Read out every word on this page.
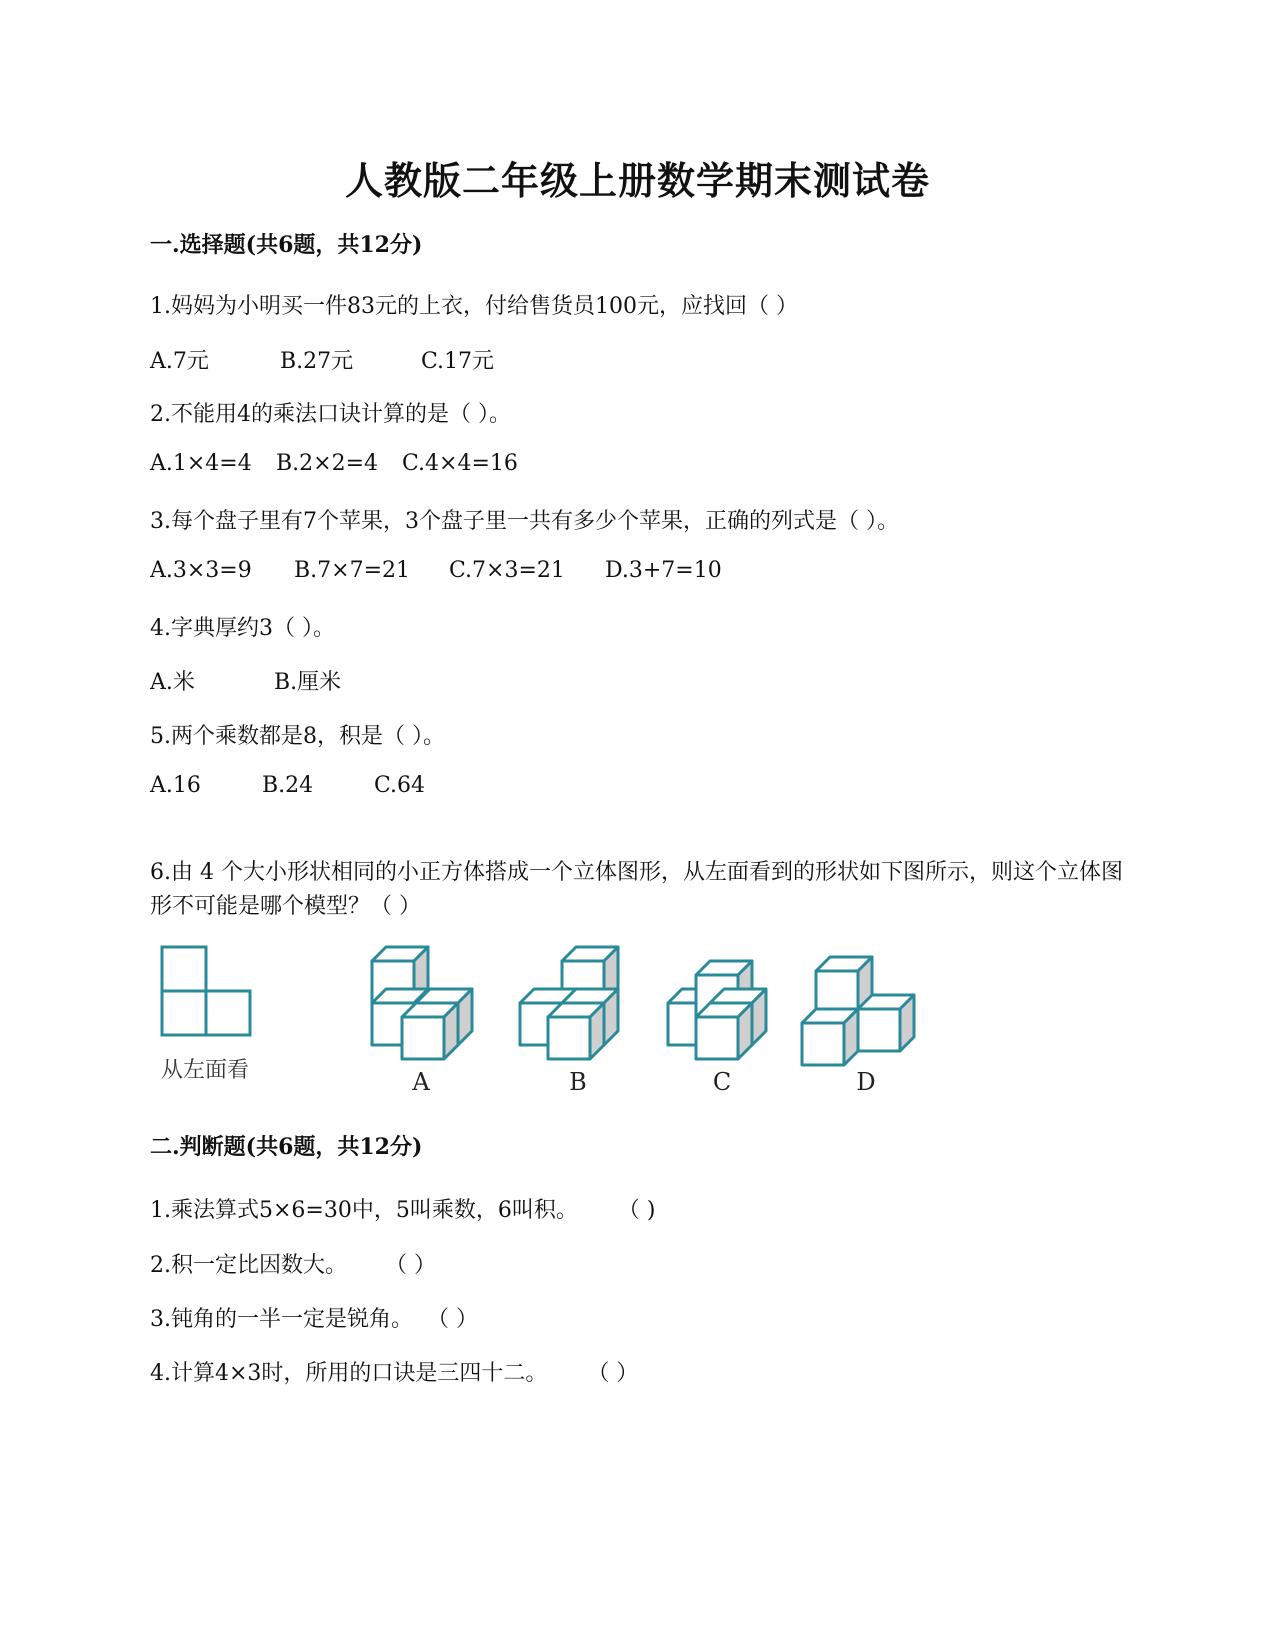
人教版二年级上册数学期末测试卷
一.选择题(共6题，共12分)
1.妈妈为小明买一件83元的上衣，付给售货员100元，应找回（ ）
A.7元	B.27元	C.17元
2.不能用4的乘法口诀计算的是（ ）。
A.1×4=4 B.2×2=4 C.4×4=16
3.每个盘子里有7个苹果，3个盘子里一共有多少个苹果，正确的列式是（ ）。
A.3×3=9 B.7×7=21 C.7×3=21 D.3+7=10
4.字典厚约3（ ）。
A.米	B.厘米
5.两个乘数都是8，积是（ ）。
A.16	B.24	C.64
6.由 4 个大小形状相同的小正方体搭成一个立体图形，从左面看到的形状如下图所示，则这个立体图形不可能是哪个模型？（ ）
从左面看	A	B	C	D
二.判断题(共6题，共12分)
1.乘法算式5×6=30中，5叫乘数，6叫积。 （ )
2.积一定比因数大。 （ ）
3.钝角的一半一定是锐角。 （ ）
4.计算4×3时，所用的口诀是三四十二。 （ ）
